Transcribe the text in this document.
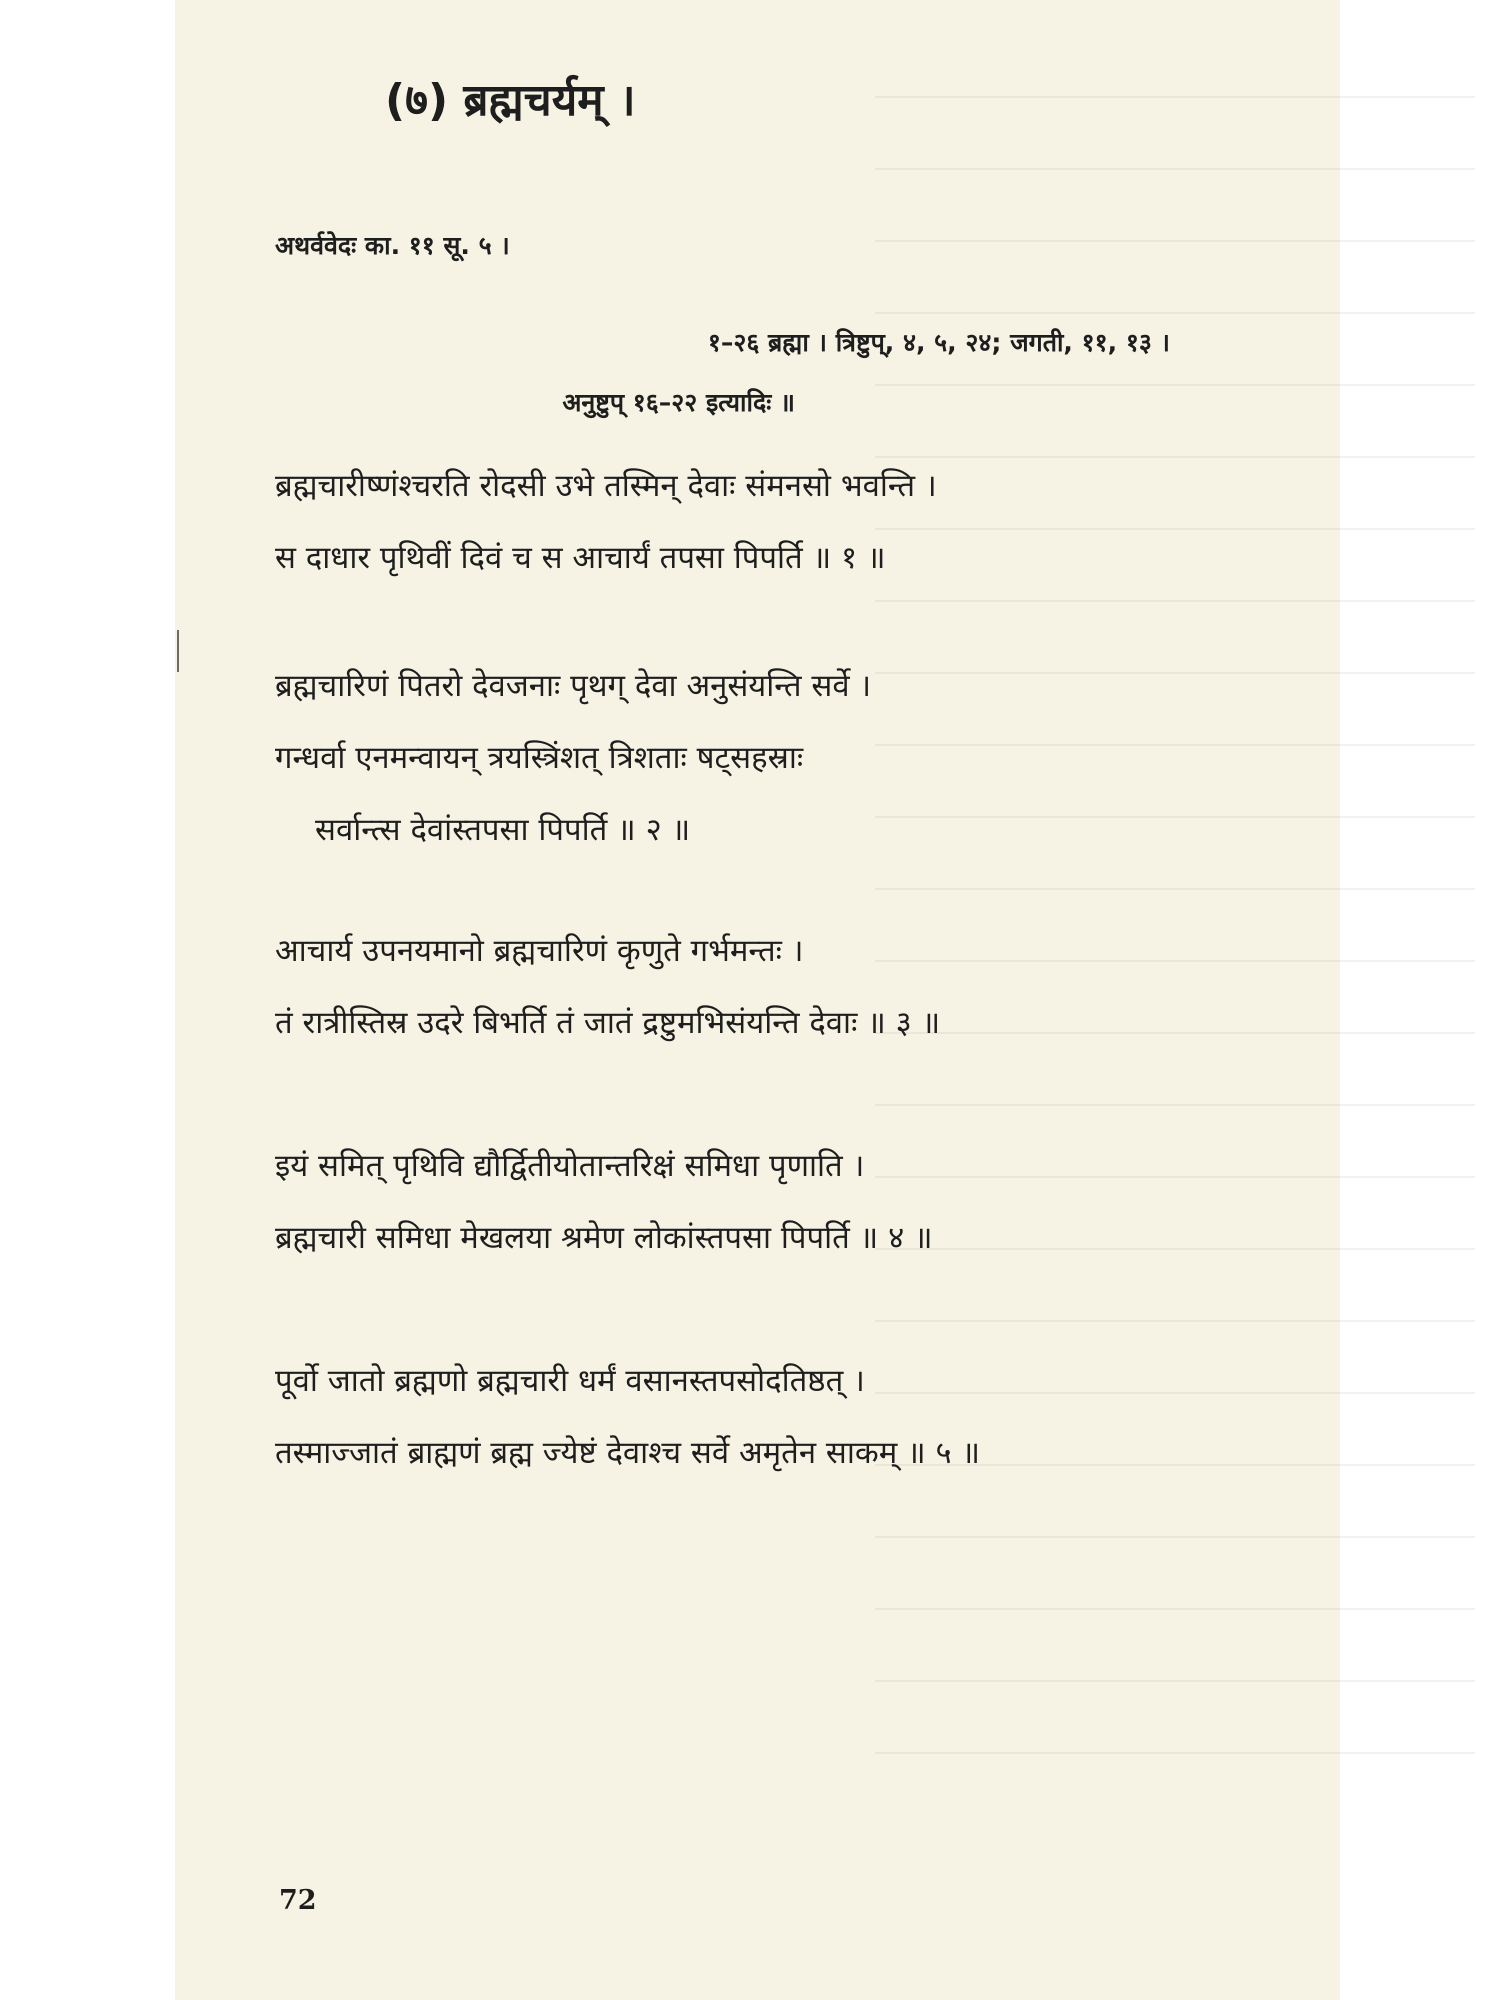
(७) ब्रह्मचर्यम् ।
अथर्ववेदः का. ११ सू. ५ ।
१–२६ ब्रह्मा । त्रिष्टुप्, ४, ५, २४; जगती, ११, १३ ।
अनुष्टुप् १६–२२ इत्यादिः ॥
ब्रह्मचारीष्णंश्चरति रोदसी उभे तस्मिन् देवाः संमनसो भवन्ति ।
स दाधार पृथिवीं दिवं च स आचार्यं तपसा पिपर्ति ॥ १ ॥
ब्रह्मचारिणं पितरो देवजनाः पृथग् देवा अनुसंयन्ति सर्वे ।
गन्धर्वा एनमन्वायन् त्रयस्त्रिंशत् त्रिशताः षट्सहस्राः
सर्वान्त्स देवांस्तपसा पिपर्ति ॥ २ ॥
आचार्य उपनयमानो ब्रह्मचारिणं कृणुते गर्भमन्तः ।
तं रात्रीस्तिस्र उदरे बिभर्ति तं जातं द्रष्टुमभिसंयन्ति देवाः ॥ ३ ॥
इयं समित् पृथिवि द्यौर्द्वितीयोतान्तरिक्षं समिधा पृणाति ।
ब्रह्मचारी समिधा मेखलया श्रमेण लोकांस्तपसा पिपर्ति ॥ ४ ॥
पूर्वो जातो ब्रह्मणो ब्रह्मचारी धर्मं वसानस्तपसोदतिष्ठत् ।
तस्माज्जातं ब्राह्मणं ब्रह्म ज्येष्टं देवाश्च सर्वे अमृतेन साकम् ॥ ५ ॥
72
